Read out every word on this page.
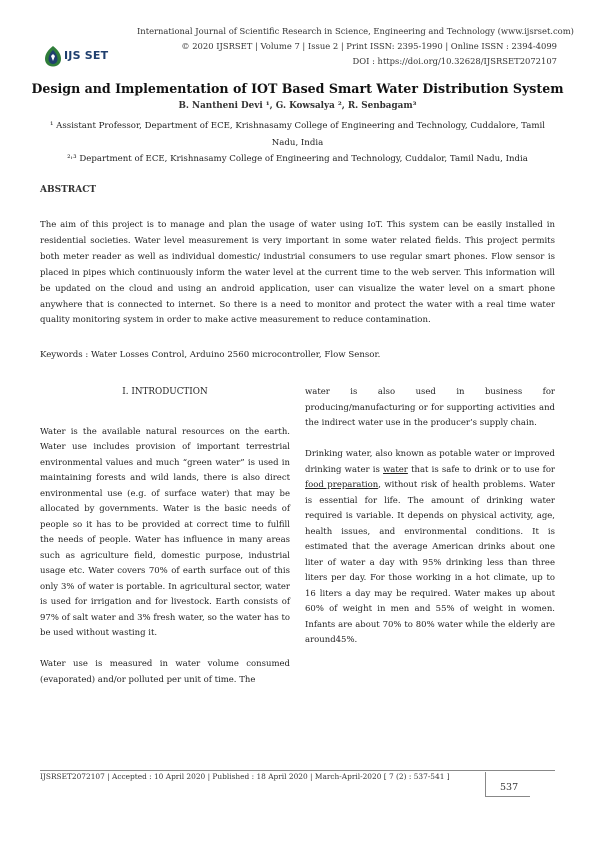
International Journal of Scientific Research in Science, Engineering and Technology (www.ijsrset.com)
© 2020 IJSRSET | Volume 7 | Issue 2 | Print ISSN: 2395-1990 | Online ISSN : 2394-4099
DOI : https://doi.org/10.32628/IJSRSET2072107
IJS SET
Design and Implementation of IOT Based Smart Water Distribution System
B. Nantheni Devi ¹, G. Kowsalya ², R. Senbagam³
¹ Assistant Professor, Department of ECE, Krishnasamy College of Engineering and Technology, Cuddalore, Tamil Nadu, India
²˒³ Department of ECE, Krishnasamy College of Engineering and Technology, Cuddalor, Tamil Nadu, India
ABSTRACT
The aim of this project is to manage and plan the usage of water using IoT. This system can be easily installed in residential societies. Water level measurement is very important in some water related fields. This project permits both meter reader as well as individual domestic/ industrial consumers to use regular smart phones. Flow sensor is placed in pipes which continuously inform the water level at the current time to the web server. This information will be updated on the cloud and using an android application, user can visualize the water level on a smart phone anywhere that is connected to internet. So there is a need to monitor and protect the water with a real time water quality monitoring system in order to make active measurement to reduce contamination.
Keywords : Water Losses Control, Arduino 2560 microcontroller, Flow Sensor.

I. INTRODUCTION

Water is the available natural resources on the earth. Water use includes provision of important terrestrial environmental values and much “green water” is used in maintaining forests and wild lands, there is also direct environmental use (e.g. of surface water) that may be allocated by governments. Water is the basic needs of people so it has to be provided at correct time to fulfill the needs of people. Water has influence in many areas such as agriculture field, domestic purpose, industrial usage etc. Water covers 70% of earth surface out of this only 3% of water is portable. In agricultural sector, water is used for irrigation and for livestock. Earth consists of 97% of salt water and 3% fresh water, so the water has to be used without wasting it.

Water use is measured in water volume consumed (evaporated) and/or polluted per unit of time. The

water is also used in business for producing/manufacturing or for supporting activities and the indirect water use in the producer’s supply chain.

Drinking water, also known as potable water or improved drinking water is water that is safe to drink or to use for food preparation, without risk of health problems. Water is essential for life. The amount of drinking water required is variable. It depends on physical activity, age, health issues, and environmental conditions. It is estimated that the average American drinks about one liter of water a day with 95% drinking less than three liters per day. For those working in a hot climate, up to 16 liters a day may be required. Water makes up about 60% of weight in men and 55% of weight in women. Infants are about 70% to 80% water while the elderly are around45%.

IJSRSET2072107 | Accepted : 10 April 2020 | Published : 18 April 2020 | March-April-2020 [ 7 (2) : 537-541 ]
537
